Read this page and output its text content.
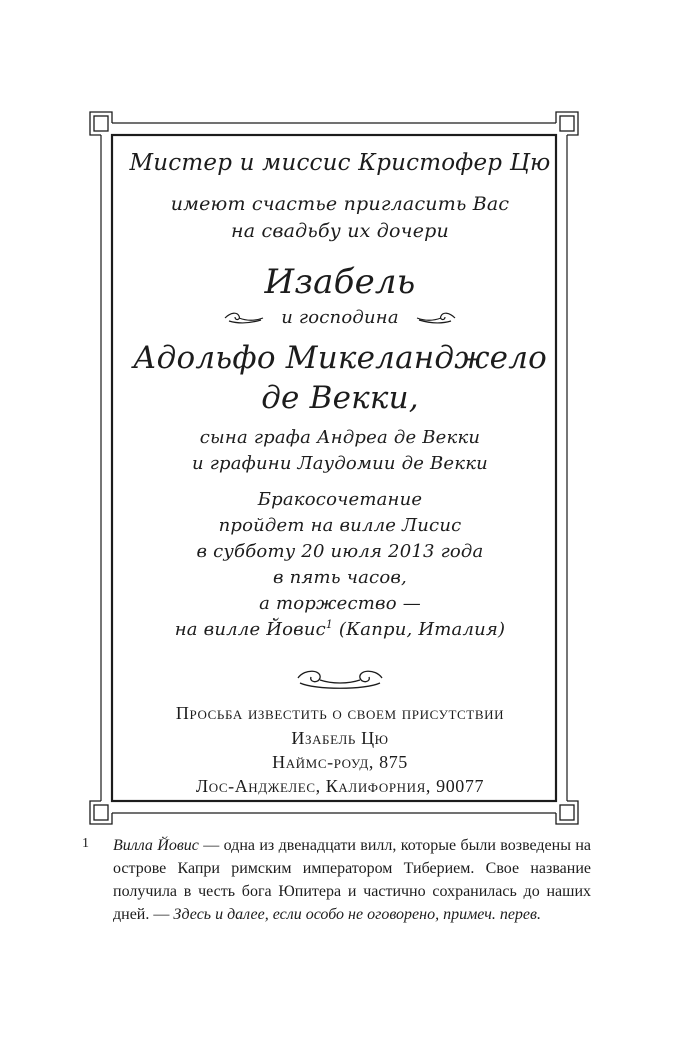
Мистер и миссис Кристофер Цю
имеют счастье пригласить Вас
на свадьбу их дочери
Изабель
и господина
Адольфо Микеланджело
де Векки,
сына графа Андреа де Векки
и графини Лаудомии де Векки
Бракосочетание
пройдет на вилле Лисис
в субботу 20 июля 2013 года
в пять часов,
а торжество —
на вилле Йовис$^1$ (Капри, Италия)
Просьба известить о своем присутствии
Изабель Цю
Наймс-роуд, 875
Лос-Анджелес, Калифорния, 90077
1 Вилла Йовис — одна из двенадцати вилл, которые были возведены на острове Капри римским императором Тиберием. Свое название получила в честь бога Юпитера и частично сохранилась до наших дней. — Здесь и далее, если особо не оговорено, примеч. перев.
